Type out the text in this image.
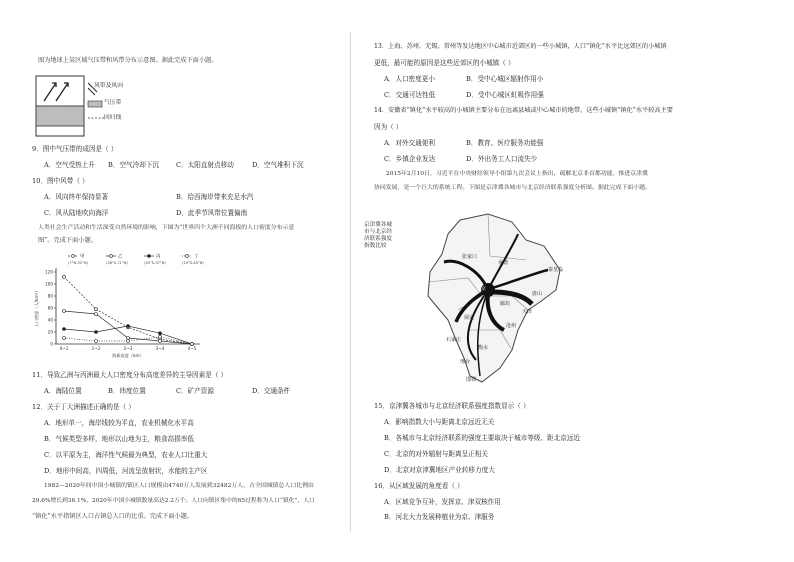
图为地球上某区域气压带和风带分布示意图。据此完成下面小题。
风带及风向
气压带
回归线
9．图中气压带的成因是（ ）
A．空气受热上升 B．空气冷却下沉	C．太阳直射点移动	D．空气堆积下沉
10．图中风带（ ）
A．风向终年保持显著	B．给西海岸带来充足水汽
C．风从陆地吹向海洋	D．此季节风带位置偏南
人类社会生产活动和生活深受自然环境的影响，下图为“世界四个大洲不同海拔的人口密度分布示意
图”。完成下面小题。
0
20
40
60
80
100
120
0~1	1~2	2~3	3~4	4~5
海拔高度（km）
人口密度（人/km²）
甲
(7°N-52°N)
乙
(36°S-71°N)
丙
(35°S-37°N)
丁
(10°S-45°N)
11．导致乙洲与丙洲最大人口密度分布高度差异的主导因素是（ ）
A．海陆位置	B．纬度位置	C．矿产资源	D．交通条件
12．关于丁大洲描述正确的是（ ）
A．地形单一，海岸线较为平直，农业机械化水平高
B．气候类型多样，地形以山地为主，粮食高损率低
C．以平原为主，海洋性气候最为典型，农业人口比重大
D．地形中间高，四周低，河流呈放射状，水能的主产区
1982—2020年间中国小城镇的镇区人口规模由4740万人发展到32482万人，占全国城镇总人口比例由
29.6%增长到36.1%，2020年中国小城镇数量高达2.2万个。人口向镇区集中的65过程称为人口“镇化”，人口
“镇化”水平指镇区人口占镇总人口的比重。完成下面小题。
13．上海、苏州、无锡、常州等发达地区中心城市近郊区的一些小城镇，人口“镇化”水平比远郊区的小城镇
更低，最可能的原因是这些近郊区的小城镇（ ）
A．人口密度更小	B．受中心城区辐射作用小
C．交通可达性低	D．受中心城区虹吸作用强
14．安徽省“镇化”水平较高的小城镇主要分布在远离县城或中心城市的地带，这些小城镇“镇化”水平较高主要
因为（ ）
A．对外交通便利	B．教育、医疗服务功能强
C．乡镇企业发达	D．外出务工人口流失少
2015年2月10日，习近平在中央财经领导小组第九次会议上指出，疏解北京非首都功能、推进京津冀
协同发展，是一个巨大的系统工程。下图是京津冀各城市与北京经济联系强度分析图。据此完成下面小题。
京津冀各城
市与北京经
济联系强度
指数比较
张家口
承德
北京
秦皇岛
唐山
廊坊
天津
保定
沧州
石家庄
衡水
邢台
邯郸
15．京津冀各城市与北京经济联系强度指数显示（ ）
A．影响指数大小与距离北京远近无关
B．各城市与北京经济联系的强度主要取决于城市等级、距北京远近
C．北京的对外辐射与距离呈正相关
D．北京对京津冀地区产业转移力度大
16．从区域发展的角度看（ ）
A．区域竞争互补，发挥京、津双核作用
B．河北大力发展种植业为京、津服务
